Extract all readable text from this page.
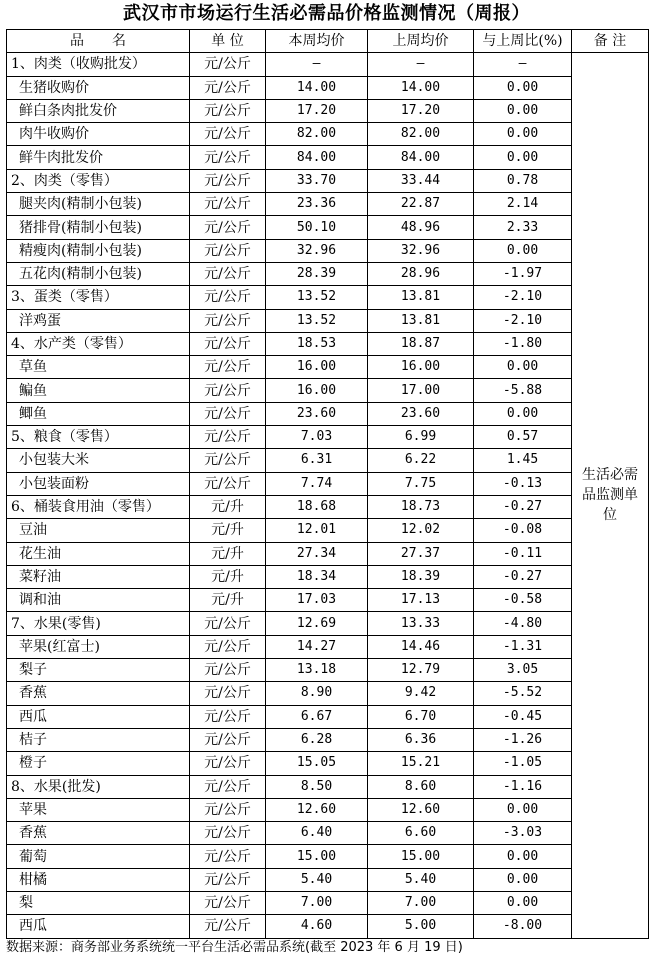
武汉市市场运行生活必需品价格监测情况（周报）
品　　名	单 位	本周均价	上周均价	与上周比(%)	备 注
1、肉类（收购批发）	元/公斤	—	—	—	生活必需品监测单位
生猪收购价	元/公斤	14.00	14.00	0.00	
鲜白条肉批发价	元/公斤	17.20	17.20	0.00	
肉牛收购价	元/公斤	82.00	82.00	0.00	
鲜牛肉批发价	元/公斤	84.00	84.00	0.00	
2、肉类（零售）	元/公斤	33.70	33.44	0.78	
腿夹肉(精制小包装)	元/公斤	23.36	22.87	2.14	
猪排骨(精制小包装)	元/公斤	50.10	48.96	2.33	
精瘦肉(精制小包装)	元/公斤	32.96	32.96	0.00	
五花肉(精制小包装)	元/公斤	28.39	28.96	-1.97	
3、蛋类（零售）	元/公斤	13.52	13.81	-2.10	
洋鸡蛋	元/公斤	13.52	13.81	-2.10	
4、水产类（零售）	元/公斤	18.53	18.87	-1.80	
草鱼	元/公斤	16.00	16.00	0.00	
鳊鱼	元/公斤	16.00	17.00	-5.88	
鲫鱼	元/公斤	23.60	23.60	0.00	
5、粮食（零售）	元/公斤	7.03	6.99	0.57	
小包装大米	元/公斤	6.31	6.22	1.45	
小包装面粉	元/公斤	7.74	7.75	-0.13	
6、桶装食用油（零售）	元/升	18.68	18.73	-0.27	
豆油	元/升	12.01	12.02	-0.08	
花生油	元/升	27.34	27.37	-0.11	
菜籽油	元/升	18.34	18.39	-0.27	
调和油	元/升	17.03	17.13	-0.58	
7、水果(零售)	元/公斤	12.69	13.33	-4.80	
苹果(红富士)	元/公斤	14.27	14.46	-1.31	
梨子	元/公斤	13.18	12.79	3.05	
香蕉	元/公斤	8.90	9.42	-5.52	
西瓜	元/公斤	6.67	6.70	-0.45	
桔子	元/公斤	6.28	6.36	-1.26	
橙子	元/公斤	15.05	15.21	-1.05	
8、水果(批发)	元/公斤	8.50	8.60	-1.16	
苹果	元/公斤	12.60	12.60	0.00	
香蕉	元/公斤	6.40	6.60	-3.03	
葡萄	元/公斤	15.00	15.00	0.00	
柑橘	元/公斤	5.40	5.40	0.00	
梨	元/公斤	7.00	7.00	0.00	
西瓜	元/公斤	4.60	5.00	-8.00	
数据来源：商务部业务系统统一平台生活必需品系统(截至 2023 年 6 月 19 日)
